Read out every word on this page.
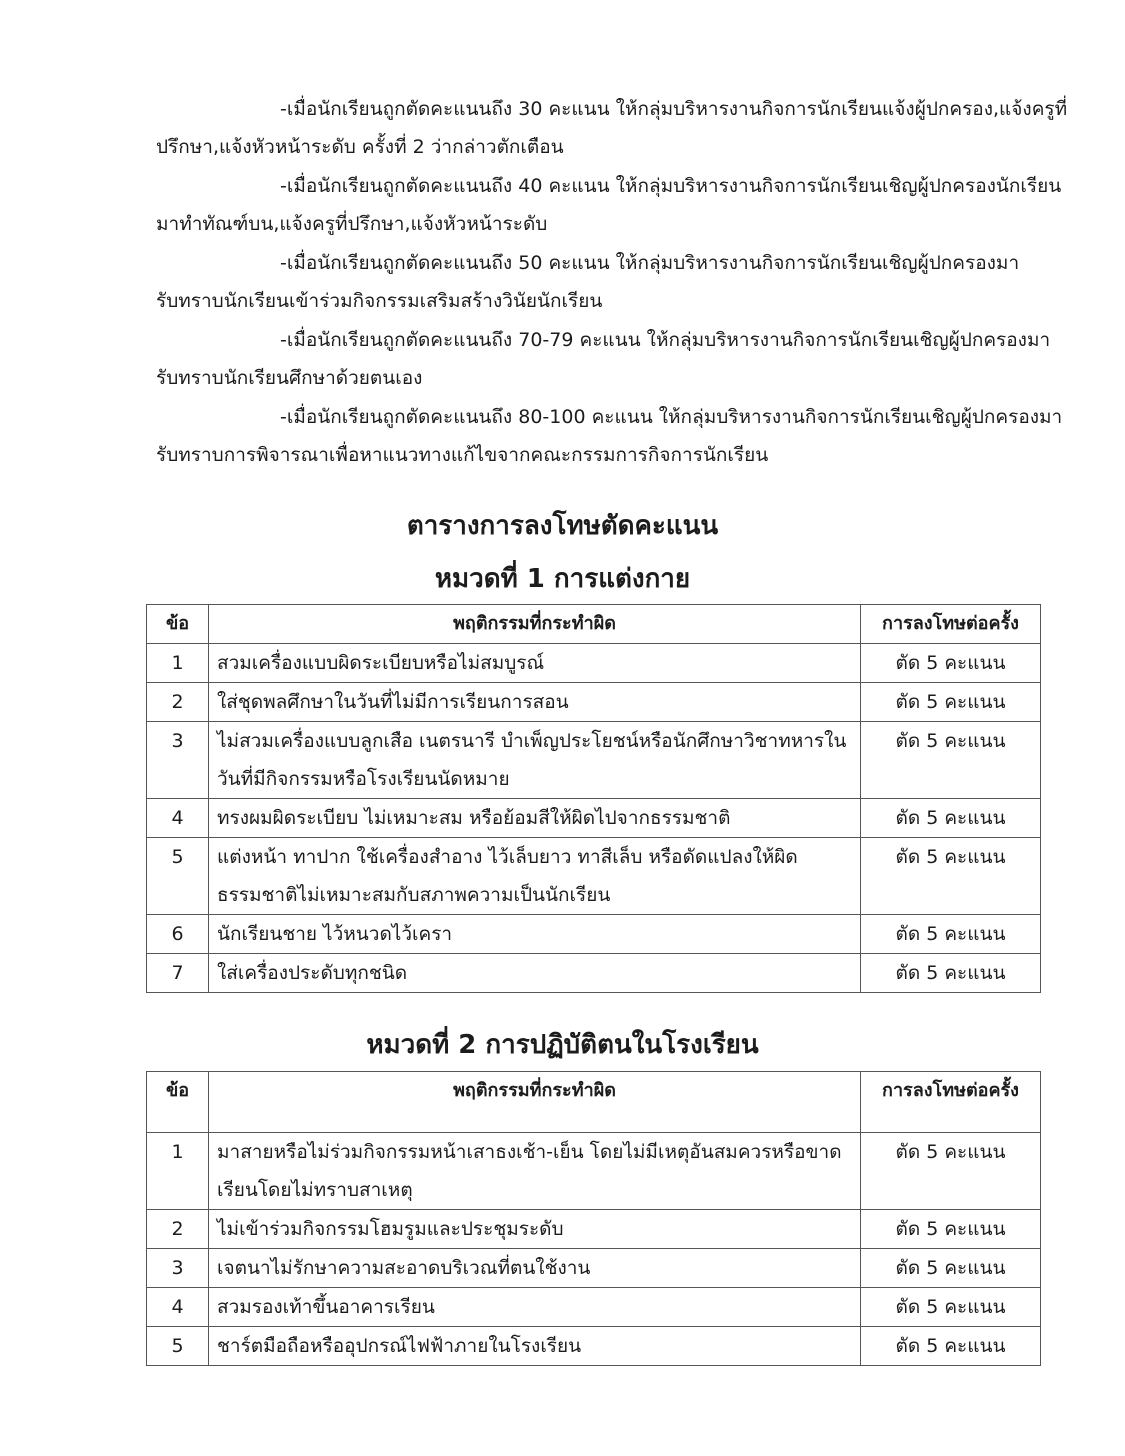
-เมื่อนักเรียนถูกตัดคะแนนถึง 30 คะแนน ให้กลุ่มบริหารงานกิจการนักเรียนแจ้งผู้ปกครอง,แจ้งครูที่
ปรึกษา,แจ้งหัวหน้าระดับ ครั้งที่ 2 ว่ากล่าวตักเตือน

-เมื่อนักเรียนถูกตัดคะแนนถึง 40 คะแนน ให้กลุ่มบริหารงานกิจการนักเรียนเชิญผู้ปกครองนักเรียน
มาทำทัณฑ์บน,แจ้งครูที่ปรึกษา,แจ้งหัวหน้าระดับ

-เมื่อนักเรียนถูกตัดคะแนนถึง 50 คะแนน ให้กลุ่มบริหารงานกิจการนักเรียนเชิญผู้ปกครองมา
รับทราบนักเรียนเข้าร่วมกิจกรรมเสริมสร้างวินัยนักเรียน

-เมื่อนักเรียนถูกตัดคะแนนถึง 70-79 คะแนน ให้กลุ่มบริหารงานกิจการนักเรียนเชิญผู้ปกครองมา
รับทราบนักเรียนศึกษาด้วยตนเอง

-เมื่อนักเรียนถูกตัดคะแนนถึง 80-100 คะแนน ให้กลุ่มบริหารงานกิจการนักเรียนเชิญผู้ปกครองมา
รับทราบการพิจารณาเพื่อหาแนวทางแก้ไขจากคณะกรรมการกิจการนักเรียน

ตารางการลงโทษตัดคะแนน
หมวดที่ 1 การแต่งกาย
ข้อ	พฤติกรรมที่กระทำผิด	การลงโทษต่อครั้ง
1	สวมเครื่องแบบผิดระเบียบหรือไม่สมบูรณ์	ตัด 5 คะแนน
2	ใส่ชุดพลศึกษาในวันที่ไม่มีการเรียนการสอน	ตัด 5 คะแนน
3	ไม่สวมเครื่องแบบลูกเสือ เนตรนารี บำเพ็ญประโยชน์หรือนักศึกษาวิชาทหารในวันที่มีกิจกรรมหรือโรงเรียนนัดหมาย	ตัด 5 คะแนน
4	ทรงผมผิดระเบียบ ไม่เหมาะสม หรือย้อมสีให้ผิดไปจากธรรมชาติ	ตัด 5 คะแนน
5	แต่งหน้า ทาปาก ใช้เครื่องสำอาง ไว้เล็บยาว ทาสีเล็บ หรือดัดแปลงให้ผิดธรรมชาติไม่เหมาะสมกับสภาพความเป็นนักเรียน	ตัด 5 คะแนน
6	นักเรียนชาย ไว้หนวดไว้เครา	ตัด 5 คะแนน
7	ใส่เครื่องประดับทุกชนิด	ตัด 5 คะแนน
หมวดที่ 2 การปฏิบัติตนในโรงเรียน
ข้อ	พฤติกรรมที่กระทำผิด	การลงโทษต่อครั้ง
1	มาสายหรือไม่ร่วมกิจกรรมหน้าเสาธงเช้า-เย็น โดยไม่มีเหตุอันสมควรหรือขาดเรียนโดยไม่ทราบสาเหตุ	ตัด 5 คะแนน
2	ไม่เข้าร่วมกิจกรรมโฮมรูมและประชุมระดับ	ตัด 5 คะแนน
3	เจตนาไม่รักษาความสะอาดบริเวณที่ตนใช้งาน	ตัด 5 คะแนน
4	สวมรองเท้าขึ้นอาคารเรียน	ตัด 5 คะแนน
5	ชาร์ตมือถือหรืออุปกรณ์ไฟฟ้าภายในโรงเรียน	ตัด 5 คะแนน
